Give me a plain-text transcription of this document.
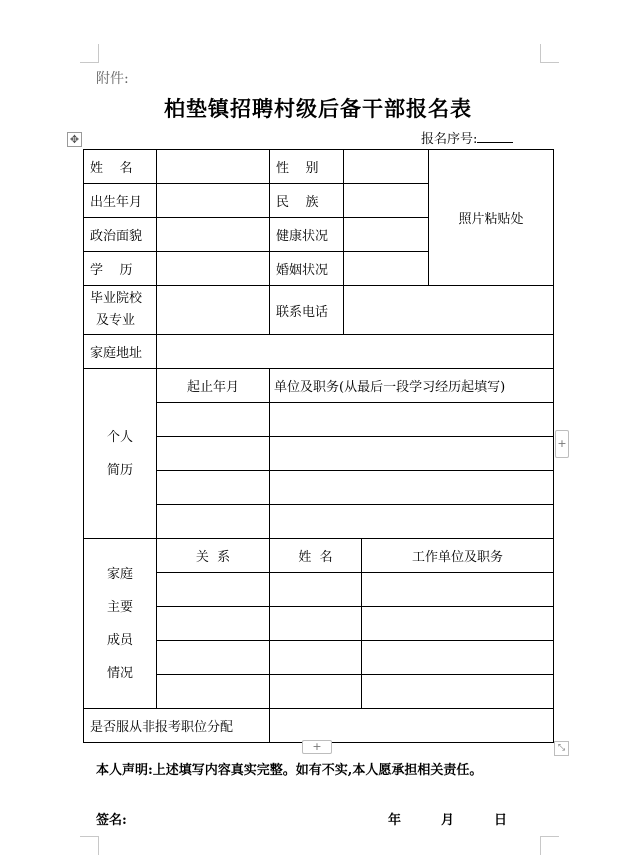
附件:
柏垫镇招聘村级后备干部报名表
报名序号:
✥
姓    名		性    别			照片粘贴处
出生年月		民    族			
政治面貌		健康状况			
学    历		婚姻状况			

毕业院校
及专业		联系电话			
家庭地址					

个人
简历	起止年月	单位及职务(从最后一段学习经历起填写)			

家庭
主要
成员
情况	关  系	姓  名		工作单位及职务	

是否服从非报考职位分配					
+
+	⤡
本人声明:上述填写内容真实完整。如有不实,本人愿承担相关责任。
签名:	年	月	日
